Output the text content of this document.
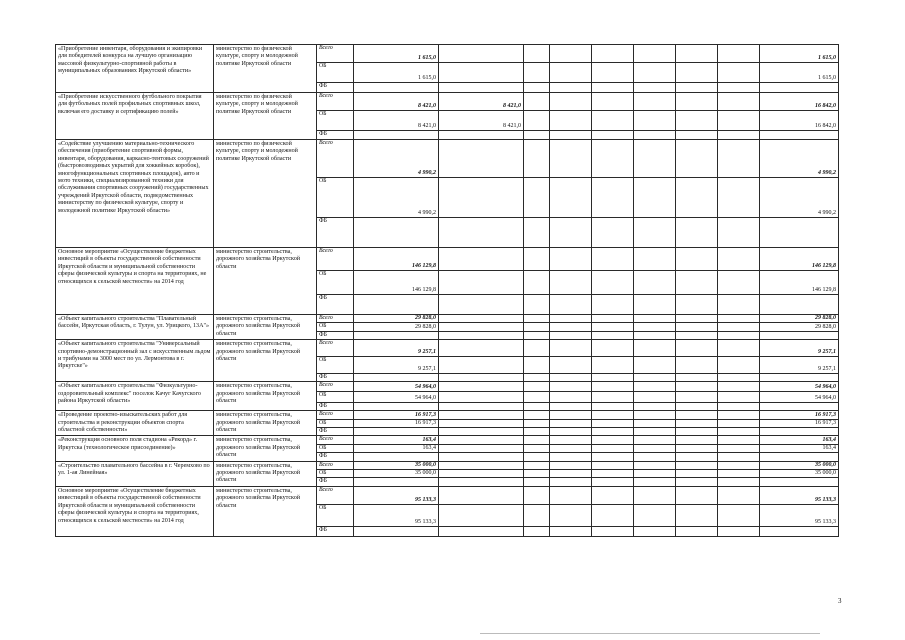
«Приобретение инвентаря, оборудования и экипировки для победителей конкурса на лучшую организацию массовой физкультурно-спортивной работы в муниципальных образованиях Иркутской области»	министерство по физической культуре, спорту и молодежной политике Иркутской области	Всего	1 615,0								1 615,0
		ОБ	1 615,0								1 615,0
		ФБ									
«Приобретение искусственного футбольного покрытия для футбольных полей профильных спортивных школ, включая его доставку и сертификацию полей»	министерство по физической культуре, спорту и молодежной политике Иркутской области	Всего	8 421,0	8 421,0							16 842,0
		ОБ	8 421,0	8 421,0							16 842,0
		ФБ									
«Содействие улучшению материально-технического обеспечения (приобретение спортивной формы, инвентаря, оборудования, каркасно-тентовых сооружений (быстровозводимых укрытий для хоккейных коробок), многофункциональных спортивных площадок), авто и мото техники, специализированной техники для обслуживания спортивных сооружений) государственных учреждений Иркутской области, подведомственных министерству по физической культуре, спорту и молодежной политике Иркутской области»	министерство по физической культуре, спорту и молодежной политике Иркутской области	Всего	4 990,2								4 990,2
		ОБ	4 990,2								4 990,2
		ФБ									
Основное мероприятие «Осуществление бюджетных инвестиций в объекты государственной собственности Иркутской области и муниципальной собственности сферы физической культуры и спорта на территориях, не относящихся к сельской местности» на 2014 год	министерство строительства, дорожного хозяйства Иркутской области	Всего	146 129,8								146 129,8
		ОБ	146 129,8								146 129,8
		ФБ									
«Объект капитального строительства "Плавательный бассейн, Иркутская область, г. Тулун, ул. Урицкого, 13А"»	министерство строительства, дорожного хозяйства Иркутской области	Всего	29 828,0								29 828,0
		ОБ	29 828,0								29 828,0
		ФБ									
«Объект капитального строительства "Универсальный спортивно-демонстрационный зал с искусственным льдом и трибунами на 3000 мест по ул. Лермонтова в г. Иркутске"»	министерство строительства, дорожного хозяйства Иркутской области	Всего	9 257,1								9 257,1
		ОБ	9 257,1								9 257,1
		ФБ									
«Объект капитального строительства "Физкультурно-оздоровительный комплекс" поселок Качуг Качугского района Иркутской области»	министерство строительства, дорожного хозяйства Иркутской области	Всего	54 964,0								54 964,0
		ОБ	54 964,0								54 964,0
		ФБ									
«Проведение проектно-изыскательских работ для строительства и реконструкции объектов спорта областной собственности»	министерство строительства, дорожного хозяйства Иркутской области	Всего	16 917,3								16 917,3
		ОБ	16 917,3								16 917,3
		ФБ									
«Реконструкция основного поля стадиона «Рекорд» г. Иркутска (технологическое присоединение)»	министерство строительства, дорожного хозяйства Иркутской области	Всего	163,4								163,4
		ОБ	163,4								163,4
		ФБ									
«Строительство плавательного бассейна в г. Черемхово по ул. 1-ая Линейная»	министерство строительства, дорожного хозяйства Иркутской области	Всего	35 000,0								35 000,0
		ОБ	35 000,0								35 000,0
		ФБ									
Основное мероприятие «Осуществление бюджетных инвестиций в объекты государственной собственности Иркутской области и муниципальной собственности сферы физической культуры и спорта на территориях, относящихся к сельской местности» на 2014 год	министерство строительства, дорожного хозяйства Иркутской области	Всего	95 133,3								95 133,3
		ОБ	95 133,3								95 133,3
		ФБ									
3
